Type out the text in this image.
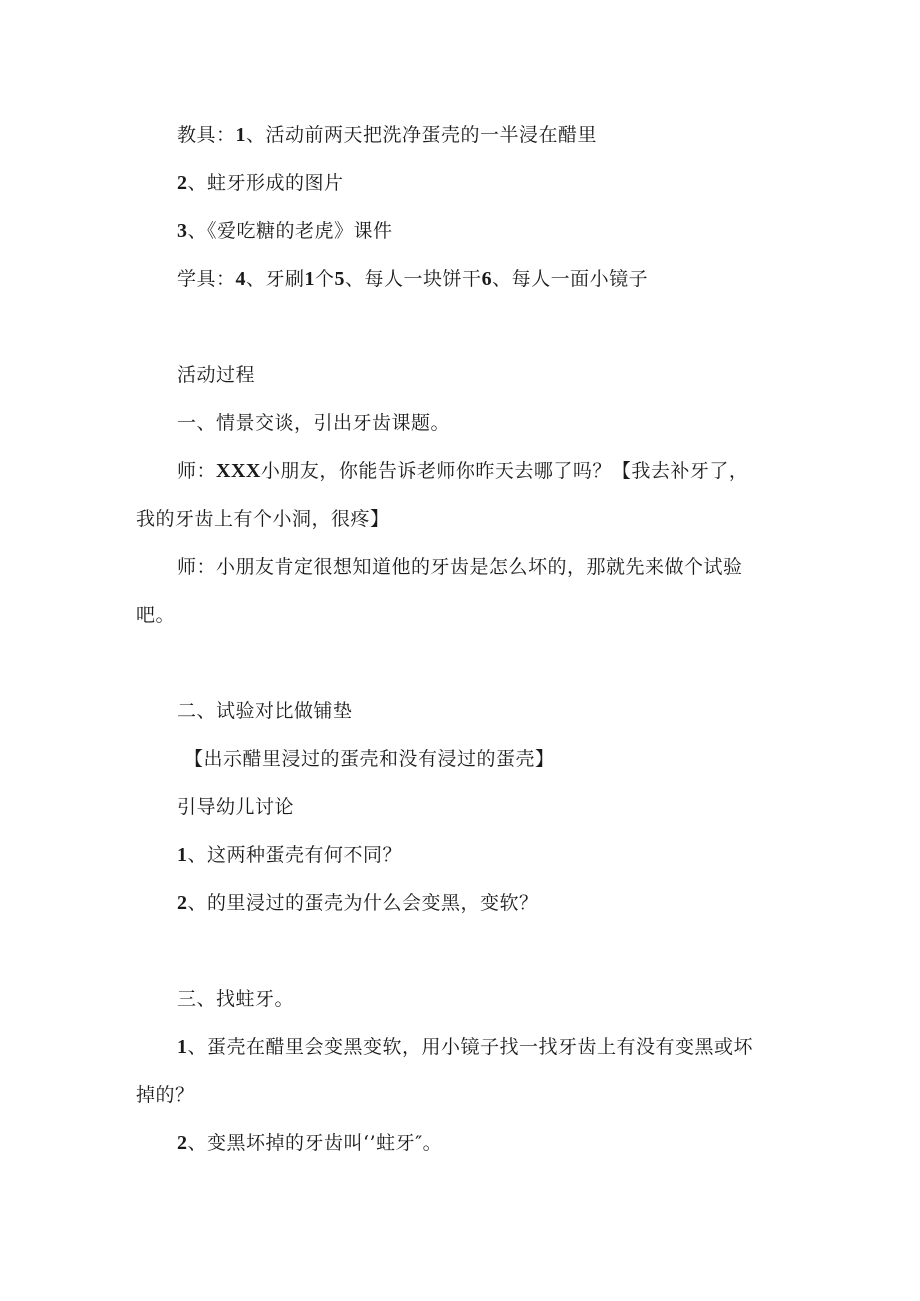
教具：1、活动前两天把洗净蛋壳的一半浸在醋里
2、蛀牙形成的图片
3、《爱吃糖的老虎》课件
学具：4、牙刷1个5、每人一块饼干6、每人一面小镜子
活动过程
一、情景交谈，引出牙齿课题。
师：XXX小朋友，你能告诉老师你昨天去哪了吗？【我去补牙了，
我的牙齿上有个小洞，很疼】
师：小朋友肯定很想知道他的牙齿是怎么坏的，那就先来做个试验
吧。
二、试验对比做铺垫
【出示醋里浸过的蛋壳和没有浸过的蛋壳】
引导幼儿讨论
1、这两种蛋壳有何不同？
2、的里浸过的蛋壳为什么会变黑，变软？
三、找蛀牙。
1、蛋壳在醋里会变黑变软，用小镜子找一找牙齿上有没有变黑或坏
掉的？
2、变黑坏掉的牙齿叫‘’蛀牙″。
